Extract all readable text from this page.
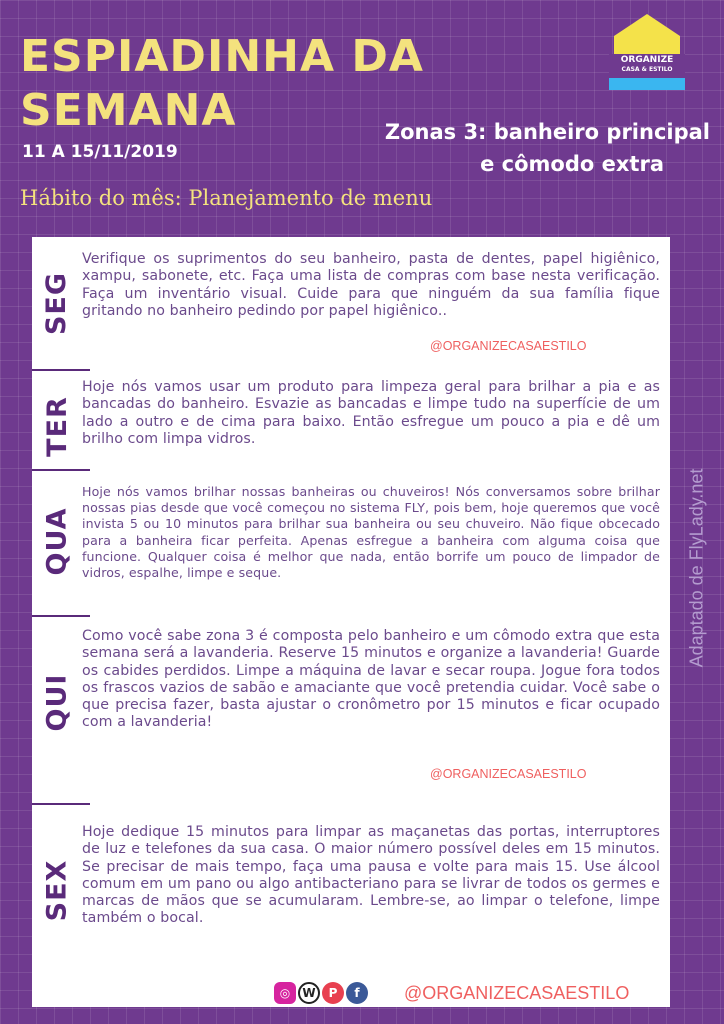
ESPIADINHA DA
SEMANA
11 A 15/11/2019
Zonas 3: banheiro principal
e cômodo extra
Hábito do mês: Planejamento de menu
ORGANIZE
CASA & ESTILO
SEG
Verifique os suprimentos do seu banheiro, pasta de dentes, papel higiênico, xampu, sabonete, etc. Faça uma lista de compras com base nesta verificação. Faça um inventário visual. Cuide para que ninguém da sua família fique gritando no banheiro pedindo por papel higiênico..
@ORGANIZECASAESTILO
TER
Hoje nós vamos usar um produto para limpeza geral para brilhar a pia e as bancadas do banheiro. Esvazie as bancadas e limpe tudo na superfície de um lado a outro e de cima para baixo. Então esfregue um pouco a pia e dê um brilho com limpa vidros.
QUA
Hoje nós vamos brilhar nossas banheiras ou chuveiros! Nós conversamos sobre brilhar nossas pias desde que você começou no sistema FLY, pois bem, hoje queremos que você invista 5 ou 10 minutos para brilhar sua banheira ou seu chuveiro. Não fique obcecado para a banheira ficar perfeita. Apenas esfregue a banheira com alguma coisa que funcione. Qualquer coisa é melhor que nada, então borrife um pouco de limpador de vidros, espalhe, limpe e seque.
QUI
Como você sabe zona 3 é composta pelo banheiro e um cômodo extra que esta semana será a lavanderia. Reserve 15 minutos e organize a lavanderia! Guarde os cabides perdidos. Limpe a máquina de lavar e secar roupa. Jogue fora todos os frascos vazios de sabão e amaciante que você pretendia cuidar. Você sabe o que precisa fazer, basta ajustar o cronômetro por 15 minutos e ficar ocupado com a lavanderia!
@ORGANIZECASAESTILO
SEX
Hoje dedique 15 minutos para limpar as maçanetas das portas, interruptores de luz e telefones da sua casa. O maior número possível deles em 15 minutos. Se precisar de mais tempo, faça uma pausa e volte para mais 15. Use álcool comum em um pano ou algo antibacteriano para se livrar de todos os germes e marcas de mãos que se acumularam. Lembre-se, ao limpar o telefone, limpe também o bocal.
◎	W	P	f	@ORGANIZECASAESTILO
Adaptado de FlyLady.net
